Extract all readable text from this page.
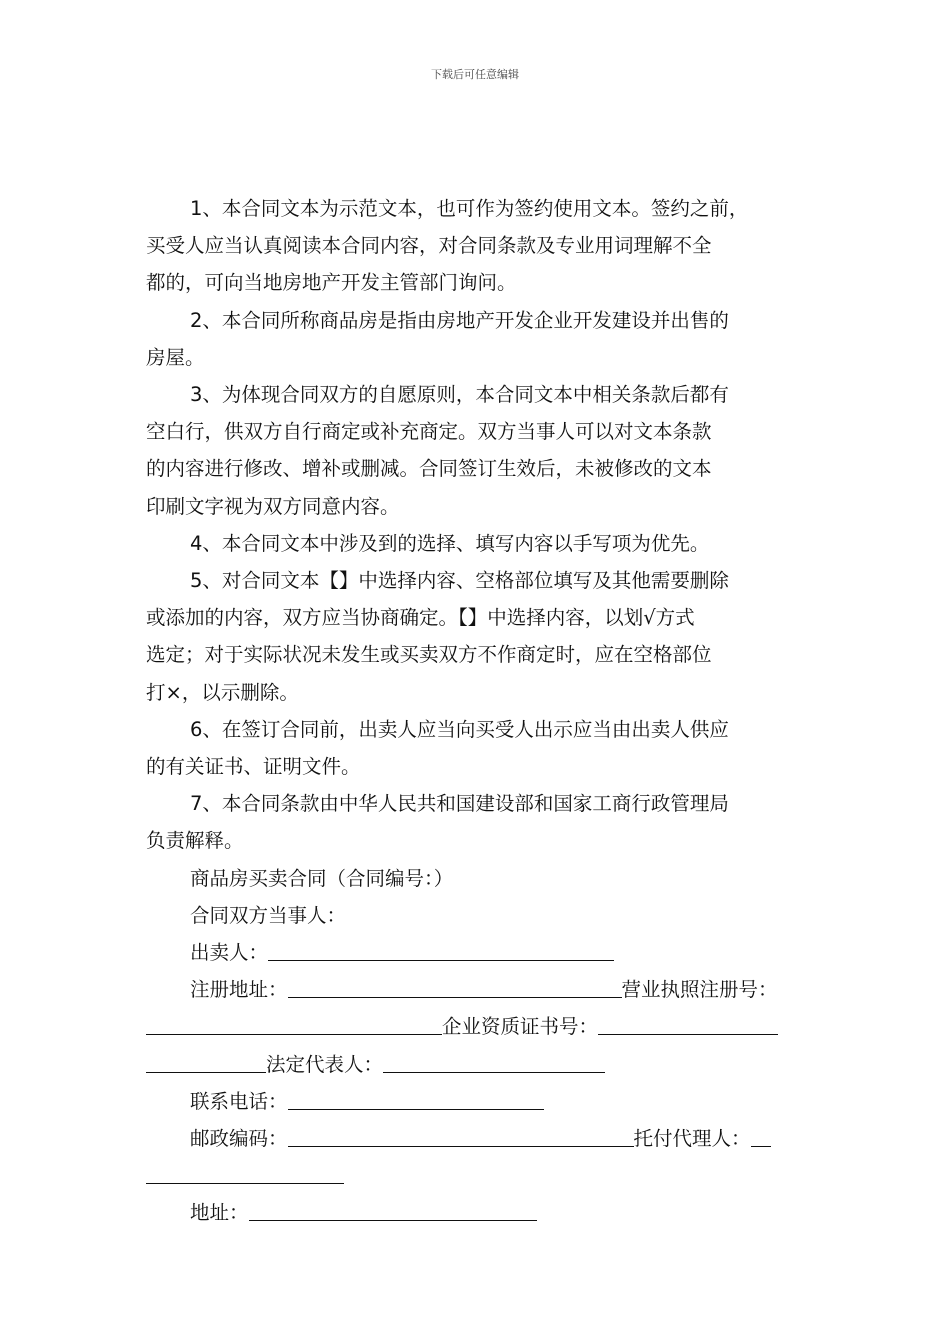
下载后可任意编辑
1、本合同文本为示范文本，也可作为签约使用文本。签约之前，
买受人应当认真阅读本合同内容，对合同条款及专业用词理解不全
都的，可向当地房地产开发主管部门询问。
2、本合同所称商品房是指由房地产开发企业开发建设并出售的
房屋。
3、为体现合同双方的自愿原则，本合同文本中相关条款后都有
空白行，供双方自行商定或补充商定。双方当事人可以对文本条款
的内容进行修改、增补或删减。合同签订生效后，未被修改的文本
印刷文字视为双方同意内容。
4、本合同文本中涉及到的选择、填写内容以手写项为优先。
5、对合同文本【】中选择内容、空格部位填写及其他需要删除
或添加的内容，双方应当协商确定。【】中选择内容，以划√方式
选定；对于实际状况未发生或买卖双方不作商定时，应在空格部位
打×，以示删除。
6、在签订合同前，出卖人应当向买受人出示应当由出卖人供应
的有关证书、证明文件。
7、本合同条款由中华人民共和国建设部和国家工商行政管理局
负责解释。
商品房买卖合同（合同编号：）
合同双方当事人：
出卖人：
注册地址：	营业执照注册号：
企业资质证书号：
法定代表人：
联系电话：
邮政编码：	托付代理人：
地址：
